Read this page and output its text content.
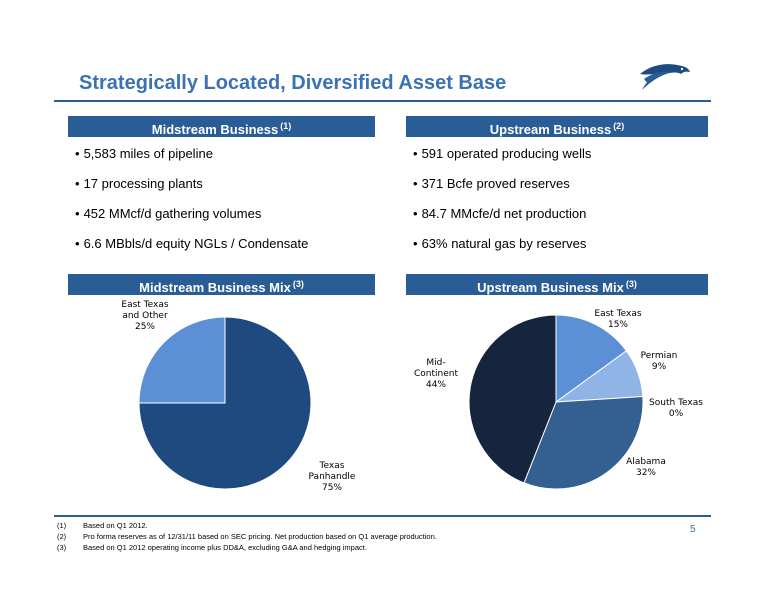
Strategically Located, Diversified Asset Base
Midstream Business $^{(1)}$	Upstream Business $^{(2)}$
• 5,583 miles of pipeline
• 17 processing plants
• 452 MMcf/d gathering volumes
• 6.6 MBbls/d equity NGLs / Condensate
• 591 operated producing wells
• 371 Bcfe proved reserves
• 84.7 MMcfe/d net production
• 63% natural gas by reserves
Midstream Business Mix $^{(3)}$	Upstream Business Mix $^{(3)}$
Texas Panhandle 75%
East Texas and Other 25%
East Texas 15%
Permian 9%
South Texas 0%
Alabama 32%
Mid-Continent 44%
(1) Based on Q1 2012.
(2) Pro forma reserves as of 12/31/11 based on SEC pricing. Net production based on Q1 average production.
(3) Based on Q1 2012 operating income plus DD&A, excluding G&A and hedging impact.
5
